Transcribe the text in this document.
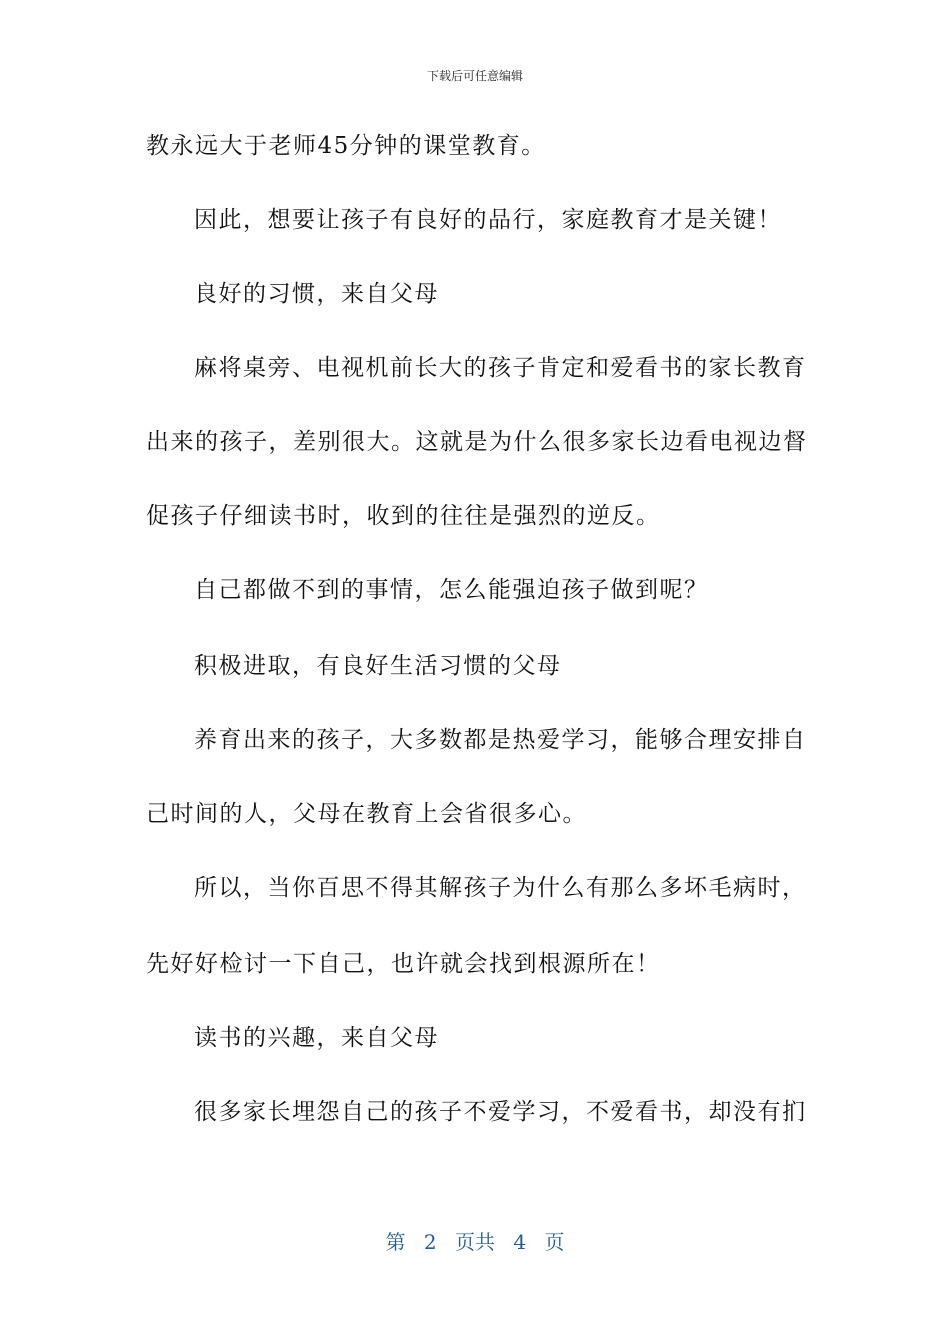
下载后可任意编辑
教永远大于老师45分钟的课堂教育。
因此，想要让孩子有良好的品行，家庭教育才是关键！
良好的习惯，来自父母
麻将桌旁、电视机前长大的孩子肯定和爱看书的家长教育
出来的孩子，差别很大。这就是为什么很多家长边看电视边督
促孩子仔细读书时，收到的往往是强烈的逆反。
自己都做不到的事情，怎么能强迫孩子做到呢？
积极进取，有良好生活习惯的父母
养育出来的孩子，大多数都是热爱学习，能够合理安排自
己时间的人，父母在教育上会省很多心。
所以，当你百思不得其解孩子为什么有那么多坏毛病时，
先好好检讨一下自己，也许就会找到根源所在！
读书的兴趣，来自父母
很多家长埋怨自己的孩子不爱学习，不爱看书，却没有扪
第 2 页共 4 页
